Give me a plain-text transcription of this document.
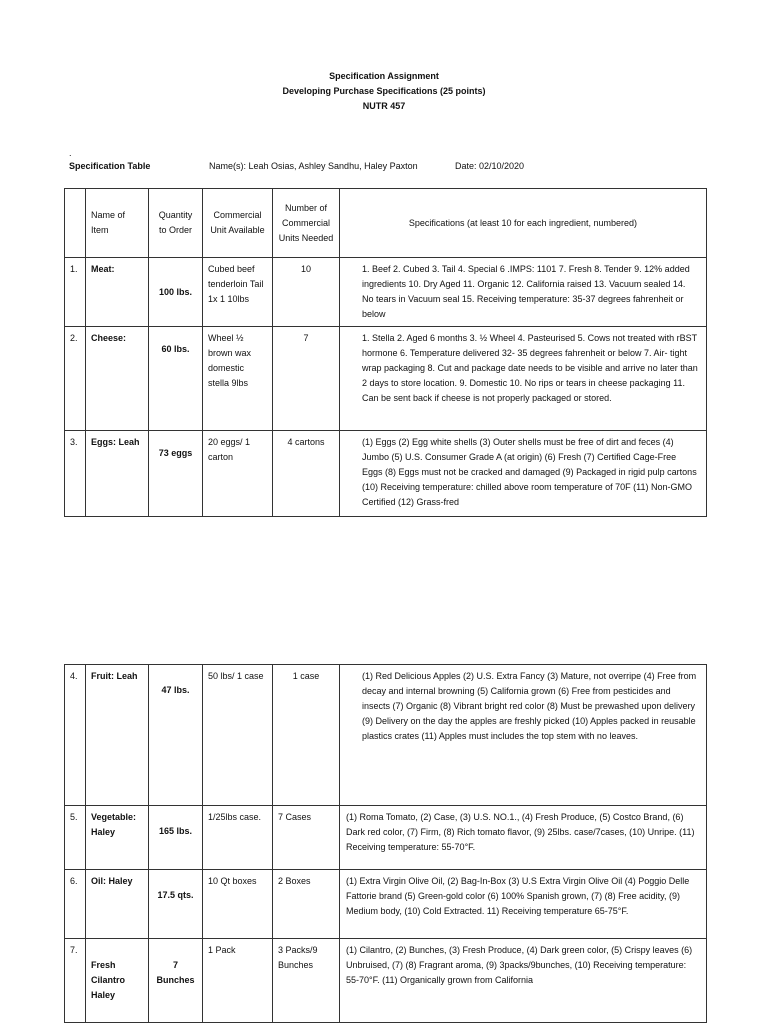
Specification Assignment
Developing Purchase Specifications (25 points)
NUTR 457
.
Specification Table	Name(s): Leah Osias, Ashley Sandhu, Haley Paxton	Date: 02/10/2020
	Name of Item	Quantity to Order	Commercial Unit Available	Number of Commercial Units Needed	Specifications (at least 10 for each ingredient, numbered)
1.	Meat:	100 lbs.	Cubed beef tenderloin Tail 1x 1 10lbs	10	1. Beef 2. Cubed 3. Tail 4. Special 6 .IMPS: 1101 7. Fresh 8. Tender 9. 12% added ingredients 10. Dry Aged 11. Organic 12. California raised 13. Vacuum sealed 14. No tears in Vacuum seal 15. Receiving temperature: 35-37 degrees fahrenheit or below
2.	Cheese:	60 lbs.	Wheel ½ brown wax domestic stella 9lbs	7	1. Stella 2. Aged 6 months 3. ½ Wheel 4. Pasteurised 5. Cows not treated with rBST hormone 6. Temperature delivered 32- 35 degrees fahrenheit or below 7. Air- tight wrap packaging 8. Cut and package date needs to be visible and arrive no later than 2 days to store location. 9. Domestic 10. No rips or tears in cheese packaging 11. Can be sent back if cheese is not properly packaged or stored.
3.	Eggs: Leah	73 eggs	20 eggs/ 1 carton	4 cartons	(1) Eggs (2) Egg white shells (3) Outer shells must be free of dirt and feces (4) Jumbo (5) U.S. Consumer Grade A (at origin) (6) Fresh (7) Certified Cage-Free Eggs (8) Eggs must not be cracked and damaged (9) Packaged in rigid pulp cartons (10) Receiving temperature: chilled above room temperature of 70F (11) Non-GMO Certified (12) Grass-fred
4.	Fruit: Leah	47 lbs.	50 lbs/ 1 case	1 case	(1) Red Delicious Apples (2) U.S. Extra Fancy (3) Mature, not overripe (4) Free from decay and internal browning (5) California grown (6) Free from pesticides and insects (7) Organic (8) Vibrant bright red color (8) Must be prewashed upon delivery (9) Delivery on the day the apples are freshly picked (10) Apples packed in reusable plastics crates (11) Apples must includes the top stem with no leaves.
5.	Vegetable: Haley	165 lbs.	1/25lbs case.	7 Cases	(1) Roma Tomato, (2) Case, (3) U.S. NO.1., (4) Fresh Produce, (5) Costco Brand, (6) Dark red color, (7) Firm, (8) Rich tomato flavor, (9) 25lbs. case/7cases, (10) Unripe. (11) Receiving temperature: 55-70°F.
6.	Oil: Haley	17.5 qts.	10 Qt boxes	2 Boxes	(1) Extra Virgin Olive Oil, (2) Bag-In-Box (3) U.S Extra Virgin Olive Oil (4) Poggio Delle Fattorie brand (5) Green-gold color (6) 100% Spanish grown, (7) (8) Free acidity, (9) Medium body, (10) Cold Extracted. 11) Receiving temperature 65-75°F.
7.	Fresh Cilantro Haley	7 Bunches	1 Pack	3 Packs/9 Bunches	(1) Cilantro, (2) Bunches, (3) Fresh Produce, (4) Dark green color, (5) Crispy leaves (6) Unbruised, (7) (8) Fragrant aroma, (9) 3packs/9bunches, (10) Receiving temperature: 55-70°F. (11) Organically grown from California
